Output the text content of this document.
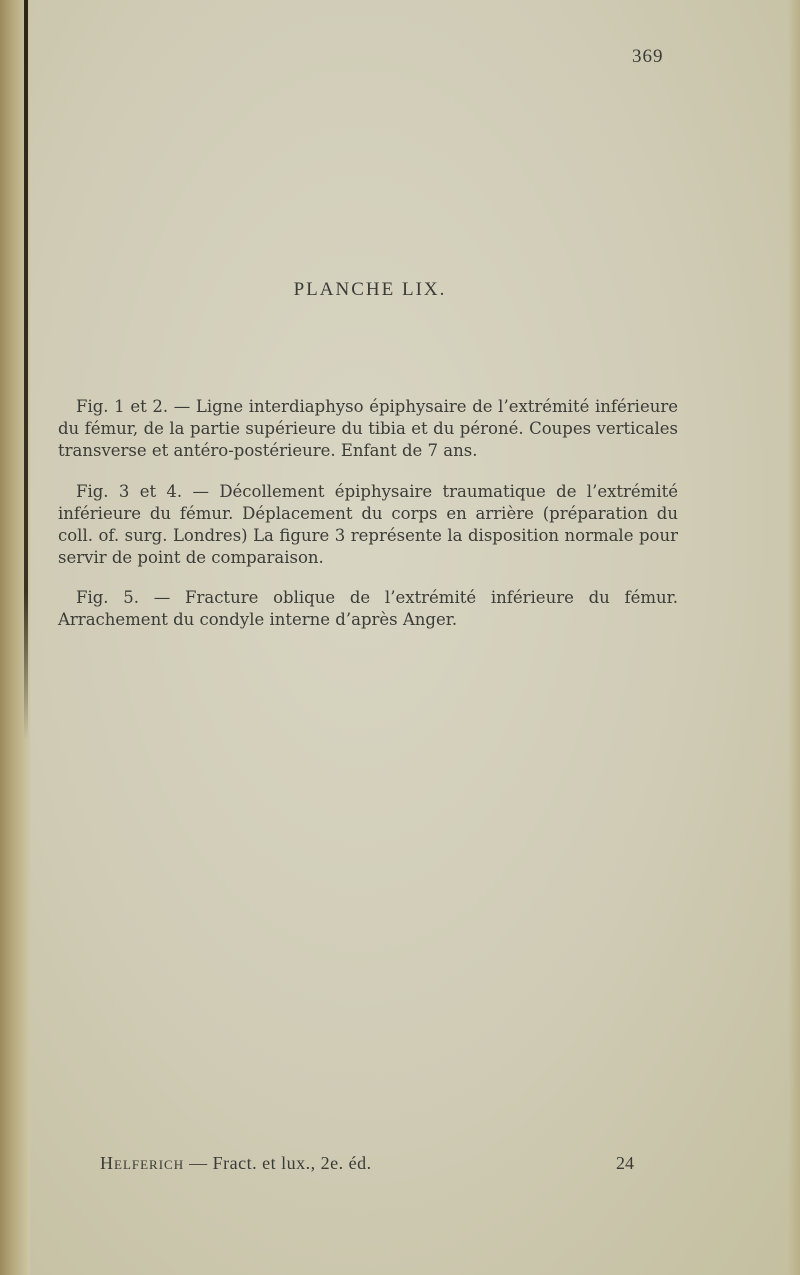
369
PLANCHE LIX.

Fig. 1 et 2. — Ligne interdiaphyso épiphysaire de l’extrémité inférieure du fémur, de la partie supérieure du tibia et du péroné. Coupes verticales transverse et antéro-postérieure. Enfant de 7 ans.

Fig. 3 et 4. — Décollement épiphysaire traumatique de l’extrémité inférieure du fémur. Déplacement du corps en arrière (préparation du coll. of. surg. Londres) La figure 3 représente la disposition normale pour servir de point de comparaison.

Fig. 5. — Fracture oblique de l’extrémité inférieure du fémur. Arrachement du condyle interne d’après Anger.

Helferich — Fract. et lux., 2e. éd.	24
